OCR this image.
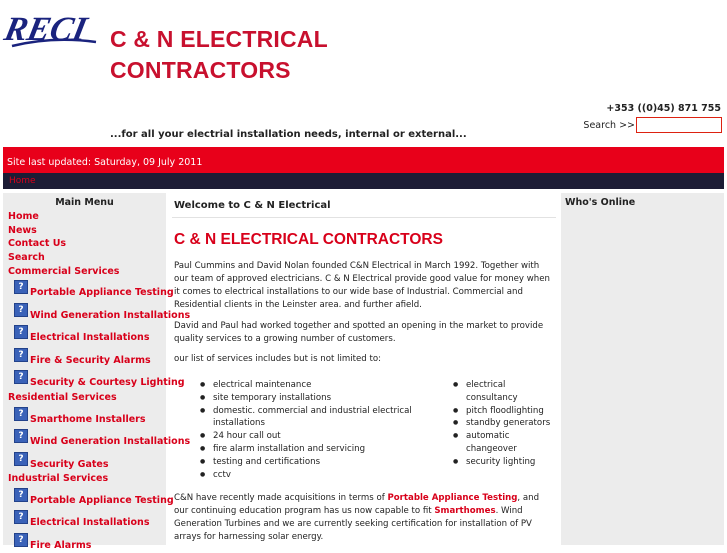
RECI C & N ELECTRICAL
CONTRACTORS
+353 ((0)45) 871 755
Search >>
...for all your electrial installation needs, internal or external...
Site last updated: Saturday, 09 July 2011
Home
Main Menu
Home
News
Contact Us
Search
Commercial Services
? Portable Appliance Testing
? Wind Generation Installations
? Electrical Installations
? Fire & Security Alarms
? Security & Courtesy Lighting
Residential Services
? Smarthome Installers
? Wind Generation Installations
? Security Gates
Industrial Services
? Portable Appliance Testing
? Electrical Installations
? Fire Alarms
Welcome to C & N Electrical
C & N ELECTRICAL CONTRACTORS

Paul Cummins and David Nolan founded C&N Electrical in March 1992. Together with our team of approved electricians. C & N Electrical provide good value for money when it comes to electrical installations to our wide base of Industrial. Commercial and Residential clients in the Leinster area. and further afield.

David and Paul had worked together and spotted an opening in the market to provide quality services to a growing number of customers.

our list of services includes but is not limited to:

● electrical maintenance
● site temporary installations
● domestic. commercial and industrial electrical installations
● 24 hour call out
● fire alarm installation and servicing
● testing and certifications
● cctv
● electrical consultancy
● pitch floodlighting
● standby generators
● automatic changeover
● security lighting

C&N have recently made acquisitions in terms of Portable Appliance Testing, and our continuing education program has us now capable to fit Smarthomes. Wind Generation Turbines and we are currently seeking certification for installation of PV arrays for harnessing solar energy.

Who's Online
